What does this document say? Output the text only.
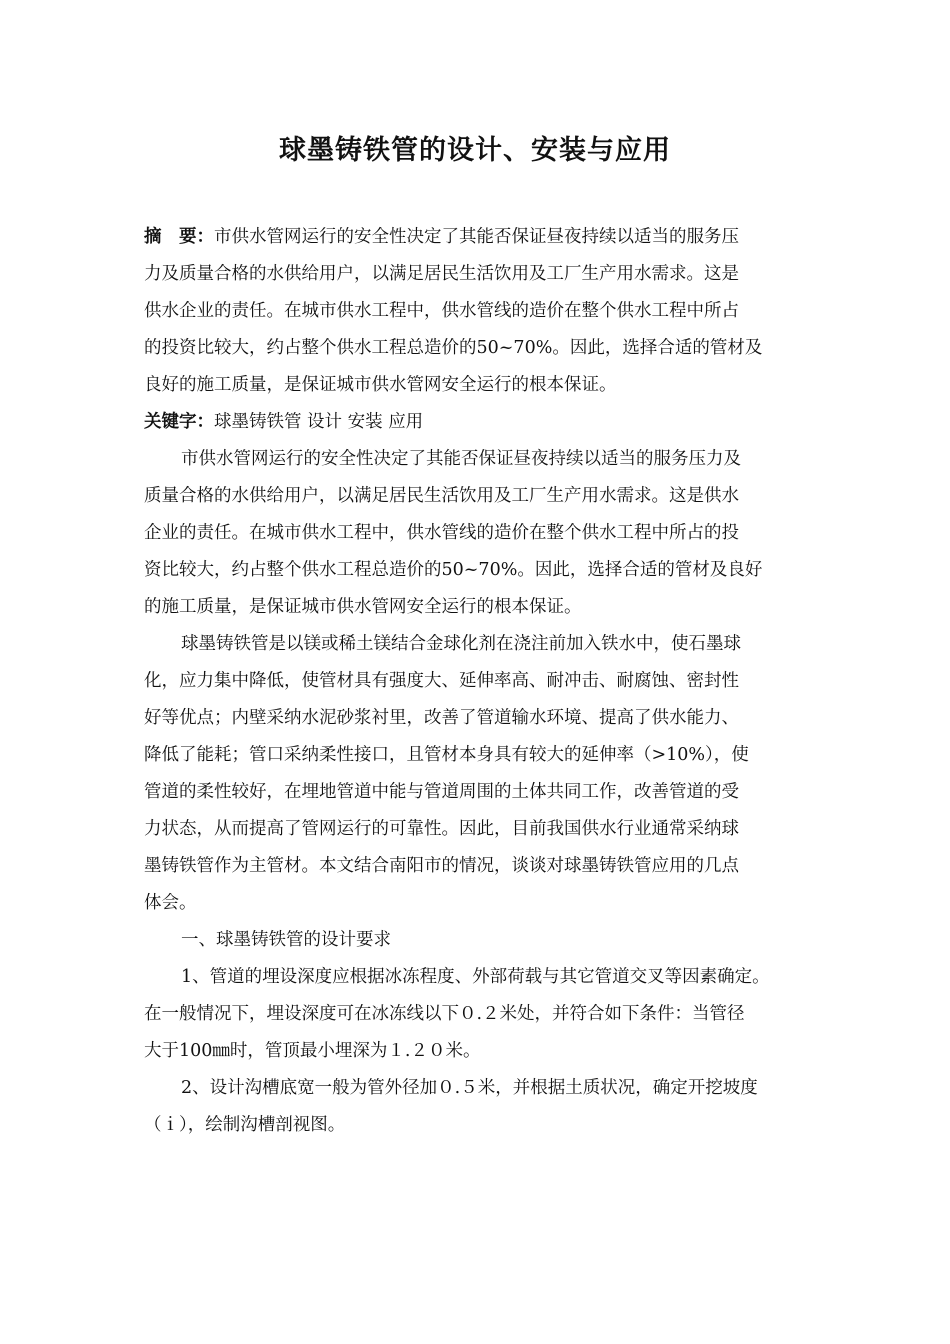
球墨铸铁管的设计、安装与应用
摘　要：市供水管网运行的安全性决定了其能否保证昼夜持续以适当的服务压
力及质量合格的水供给用户，以满足居民生活饮用及工厂生产用水需求。这是
供水企业的责任。在城市供水工程中，供水管线的造价在整个供水工程中所占
的投资比较大，约占整个供水工程总造价的50~70%。因此，选择合适的管材及
良好的施工质量，是保证城市供水管网安全运行的根本保证。
关键字：球墨铸铁管 设计 安装 应用
市供水管网运行的安全性决定了其能否保证昼夜持续以适当的服务压力及
质量合格的水供给用户，以满足居民生活饮用及工厂生产用水需求。这是供水
企业的责任。在城市供水工程中，供水管线的造价在整个供水工程中所占的投
资比较大，约占整个供水工程总造价的50~70%。因此，选择合适的管材及良好
的施工质量，是保证城市供水管网安全运行的根本保证。
球墨铸铁管是以镁或稀土镁结合金球化剂在浇注前加入铁水中，使石墨球
化，应力集中降低，使管材具有强度大、延伸率高、耐冲击、耐腐蚀、密封性
好等优点；内壁采纳水泥砂浆衬里，改善了管道输水环境、提高了供水能力、
降低了能耗；管口采纳柔性接口，且管材本身具有较大的延伸率（>10%），使
管道的柔性较好，在埋地管道中能与管道周围的土体共同工作，改善管道的受
力状态，从而提高了管网运行的可靠性。因此，目前我国供水行业通常采纳球
墨铸铁管作为主管材。本文结合南阳市的情况，谈谈对球墨铸铁管应用的几点
体会。
一、球墨铸铁管的设计要求
1、管道的埋设深度应根据冰冻程度、外部荷载与其它管道交叉等因素确定。
在一般情况下，埋设深度可在冰冻线以下０.２米处，并符合如下条件：当管径
大于100㎜时，管顶最小埋深为１.２０米。
2、设计沟槽底宽一般为管外径加０.５米，并根据土质状况，确定开挖坡度
（ｉ），绘制沟槽剖视图。
